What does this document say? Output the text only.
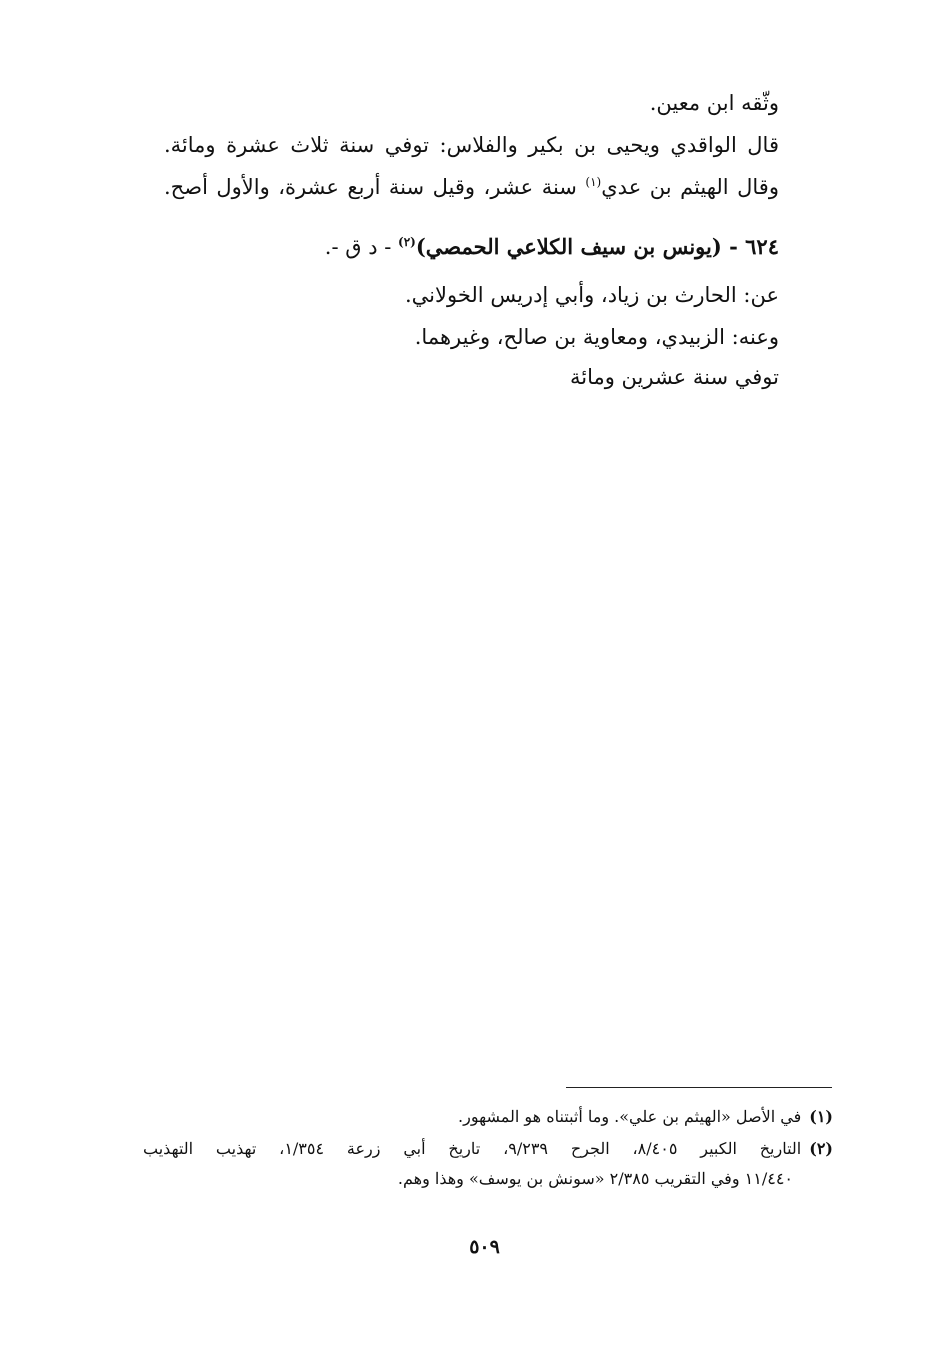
وثّقه ابن معين.
قال الواقدي ويحيى بن بكير والفلاس: توفي سنة ثلاث عشرة ومائة.
وقال الهيثم بن عدي$^{(١)}$ سنة عشر، وقيل سنة أربع عشرة، والأول أصح.
٦٢٤ - (يونس بن سيف الكلاعي الحمصي)$^{(٢)}$ - د ق -.
عن: الحارث بن زياد، وأبي إدريس الخولاني.
وعنه: الزبيدي، ومعاوية بن صالح، وغيرهما.
توفي سنة عشرين ومائة
(١)في الأصل «الهيثم بن علي». وما أثبتناه هو المشهور.
(٢)التاريخ الكبير ٨/٤٠٥، الجرح ٩/٢٣٩، تاريخ أبي زرعة ١/٣٥٤، تهذيب التهذيب
١١/٤٤٠ وفي التقريب ٢/٣٨٥ «سونش بن يوسف» وهذا وهم.
٥٠٩
